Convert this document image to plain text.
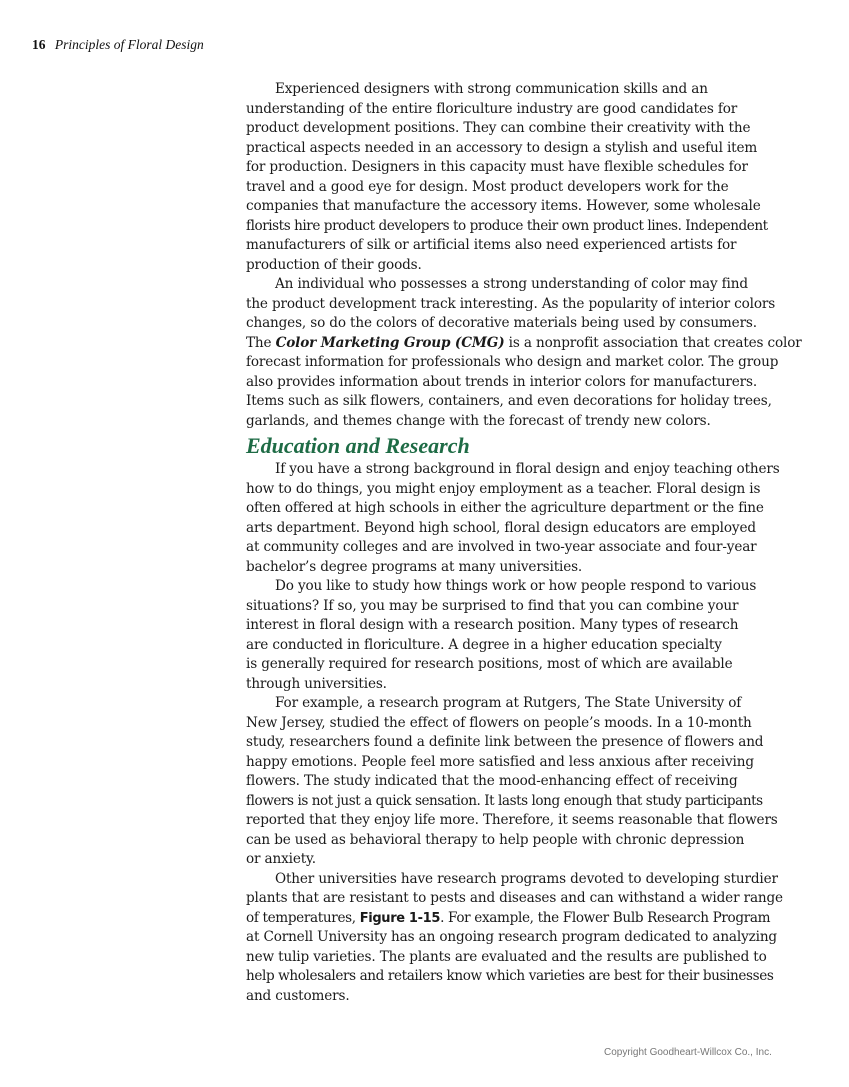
16 Principles of Floral Design
Experienced designers with strong communication skills and an
understanding of the entire floriculture industry are good candidates for
product development positions. They can combine their creativity with the
practical aspects needed in an accessory to design a stylish and useful item
for production. Designers in this capacity must have flexible schedules for
travel and a good eye for design. Most product developers work for the
companies that manufacture the accessory items. However, some wholesale
florists hire product developers to produce their own product lines. Independent
manufacturers of silk or artificial items also need experienced artists for
production of their goods.
An individual who possesses a strong understanding of color may find
the product development track interesting. As the popularity of interior colors
changes, so do the colors of decorative materials being used by consumers.
The Color Marketing Group (CMG) is a nonprofit association that creates color
forecast information for professionals who design and market color. The group
also provides information about trends in interior colors for manufacturers.
Items such as silk flowers, containers, and even decorations for holiday trees,
garlands, and themes change with the forecast of trendy new colors.
Education and Research
If you have a strong background in floral design and enjoy teaching others
how to do things, you might enjoy employment as a teacher. Floral design is
often offered at high schools in either the agriculture department or the fine
arts department. Beyond high school, floral design educators are employed
at community colleges and are involved in two-year associate and four-year
bachelor’s degree programs at many universities.
Do you like to study how things work or how people respond to various
situations? If so, you may be surprised to find that you can combine your
interest in floral design with a research position. Many types of research
are conducted in floriculture. A degree in a higher education specialty
is generally required for research positions, most of which are available
through universities.
For example, a research program at Rutgers, The State University of
New Jersey, studied the effect of flowers on people’s moods. In a 10-month
study, researchers found a definite link between the presence of flowers and
happy emotions. People feel more satisfied and less anxious after receiving
flowers. The study indicated that the mood-enhancing effect of receiving
flowers is not just a quick sensation. It lasts long enough that study participants
reported that they enjoy life more. Therefore, it seems reasonable that flowers
can be used as behavioral therapy to help people with chronic depression
or anxiety.
Other universities have research programs devoted to developing sturdier
plants that are resistant to pests and diseases and can withstand a wider range
of temperatures, Figure 1-15. For example, the Flower Bulb Research Program
at Cornell University has an ongoing research program dedicated to analyzing
new tulip varieties. The plants are evaluated and the results are published to
help wholesalers and retailers know which varieties are best for their businesses
and customers.
Copyright Goodheart-Willcox Co., Inc.
